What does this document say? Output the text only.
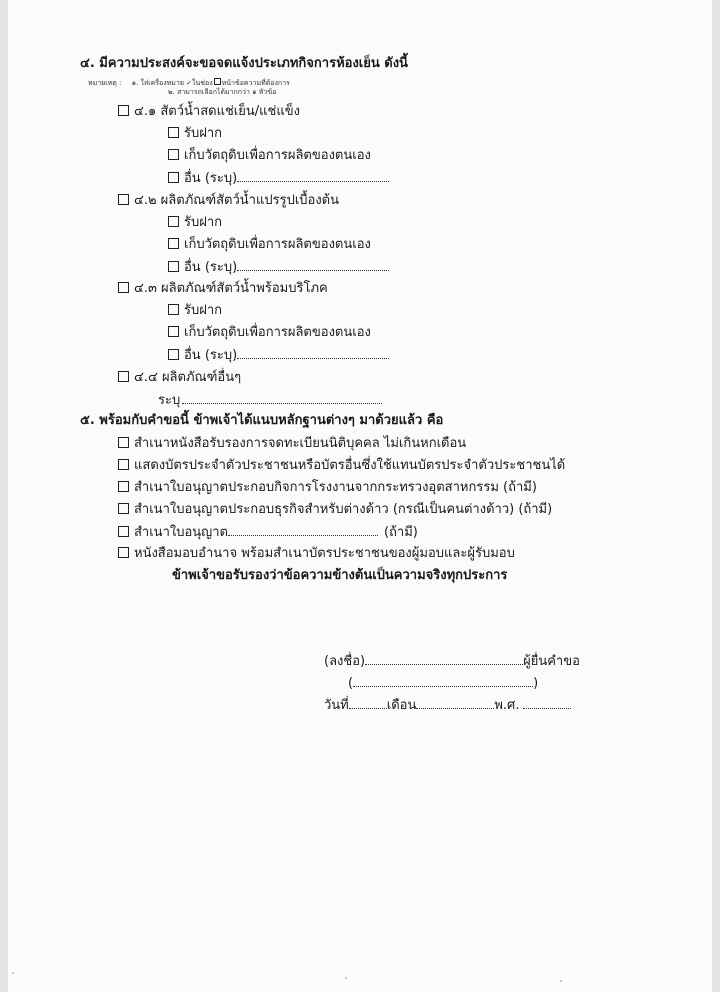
๔. มีความประสงค์จะขอจดแจ้งประเภทกิจการห้องเย็น ดังนี้
หมายเหตุ : ๑. ใส่เครื่องหมาย ✓ในช่อง หน้าข้อความที่ต้องการ
๒. สามารถเลือกได้มากกว่า ๑ หัวข้อ
๔.๑ สัตว์น้ำสดแช่เย็น/แช่แข็ง
รับฝาก
เก็บวัตถุดิบเพื่อการผลิตของตนเอง
อื่น (ระบุ)
๔.๒ ผลิตภัณฑ์สัตว์น้ำแปรรูปเบื้องต้น
รับฝาก
เก็บวัตถุดิบเพื่อการผลิตของตนเอง
อื่น (ระบุ)
๔.๓ ผลิตภัณฑ์สัตว์น้ำพร้อมบริโภค
รับฝาก
เก็บวัตถุดิบเพื่อการผลิตของตนเอง
อื่น (ระบุ)
๔.๔ ผลิตภัณฑ์อื่นๆ
ระบุ
๕. พร้อมกับคำขอนี้ ข้าพเจ้าได้แนบหลักฐานต่างๆ มาด้วยแล้ว คือ
สำเนาหนังสือรับรองการจดทะเบียนนิติบุคคล ไม่เกินหกเดือน
แสดงบัตรประจำตัวประชาชนหรือบัตรอื่นซึ่งใช้แทนบัตรประจำตัวประชาชนได้
สำเนาใบอนุญาตประกอบกิจการโรงงานจากกระทรวงอุตสาหกรรม (ถ้ามี)
สำเนาใบอนุญาตประกอบธุรกิจสำหรับต่างด้าว (กรณีเป็นคนต่างด้าว) (ถ้ามี)
สำเนาใบอนุญาต	(ถ้ามี)
หนังสือมอบอำนาจ พร้อมสำเนาบัตรประชาชนของผู้มอบและผู้รับมอบ
ข้าพเจ้าขอรับรองว่าข้อความข้างต้นเป็นความจริงทุกประการ
(ลงชื่อ)	ผู้ยื่นคำขอ
(	)
วันที่	เดือน	พ.ศ.
